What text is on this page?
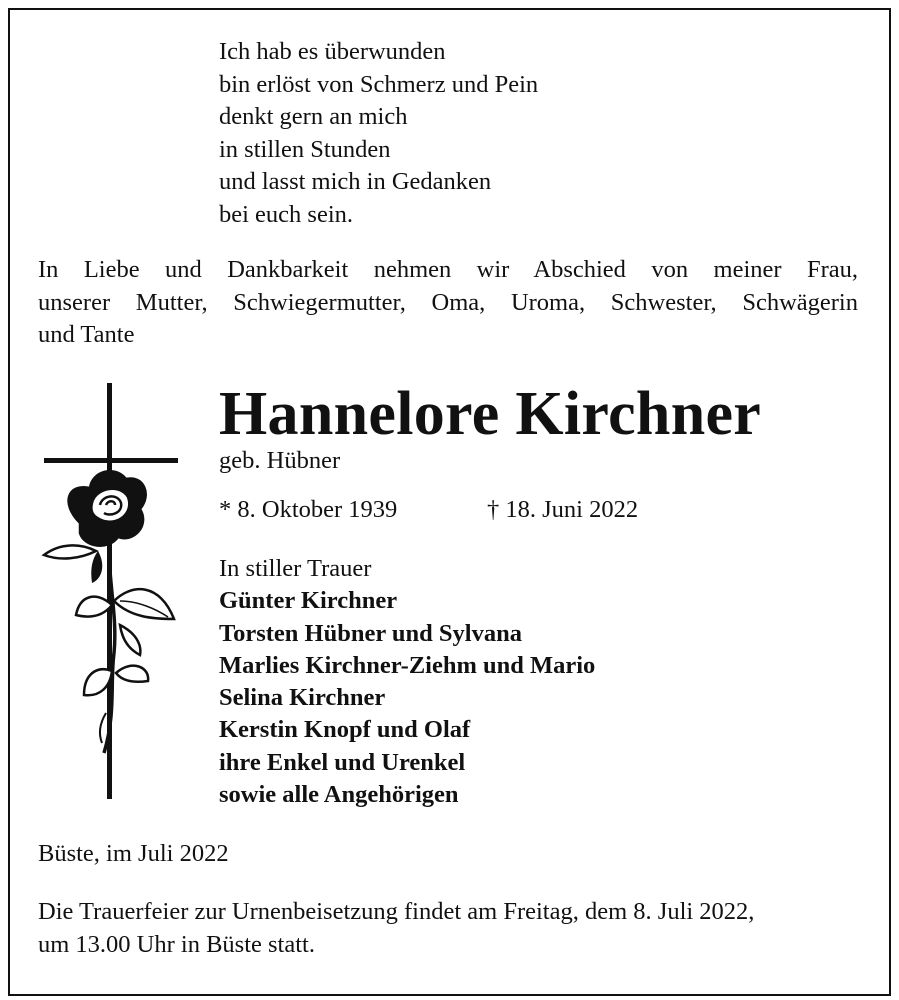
Ich hab es überwunden
bin erlöst von Schmerz und Pein
denkt gern an mich
in stillen Stunden
und lasst mich in Gedanken
bei euch sein.
In Liebe und Dankbarkeit nehmen wir Abschied von meiner Frau,
unserer Mutter, Schwiegermutter, Oma, Uroma, Schwester, Schwägerin
und Tante
Hannelore Kirchner
geb. Hübner
* 8. Oktober 1939	† 18. Juni 2022
In stiller Trauer
Günter Kirchner
Torsten Hübner und Sylvana
Marlies Kirchner-Ziehm und Mario
Selina Kirchner
Kerstin Knopf und Olaf
ihre Enkel und Urenkel
sowie alle Angehörigen
Büste, im Juli 2022
Die Trauerfeier zur Urnenbeisetzung findet am Freitag, dem 8. Juli 2022,
um 13.00 Uhr in Büste statt.
